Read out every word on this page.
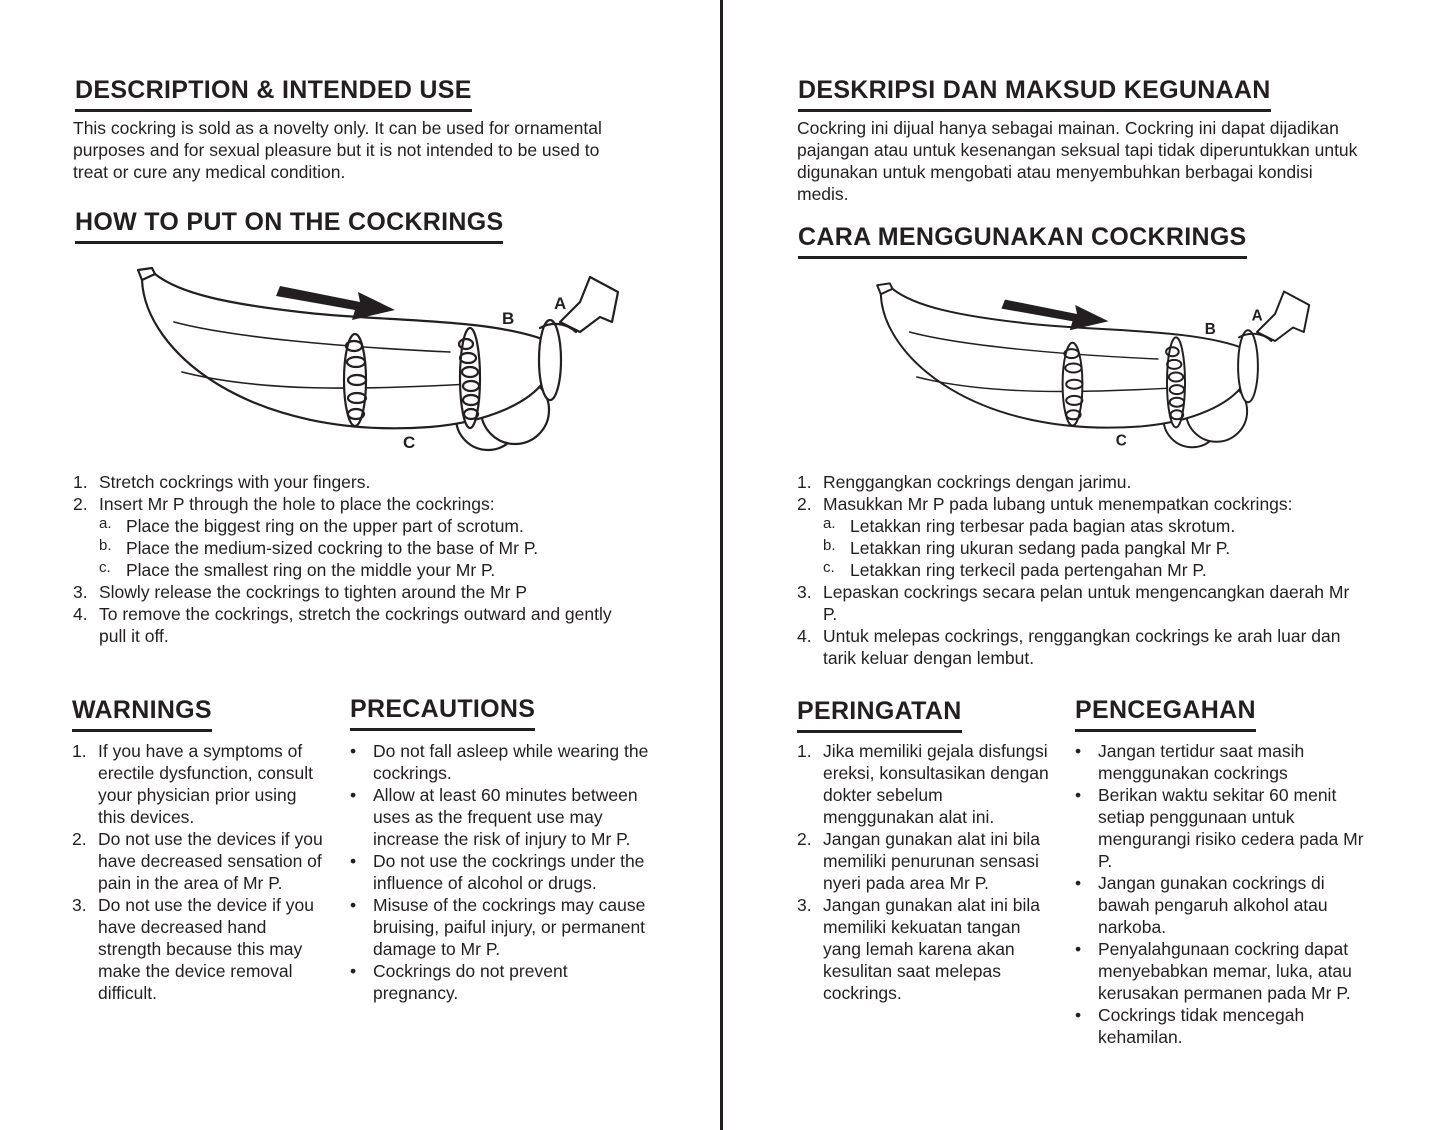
DESCRIPTION & INTENDED USE

This cockring is sold as a novelty only. It can be used for ornamental purposes and for sexual pleasure but it is not intended to be used to treat or cure any medical condition.

HOW TO PUT ON THE COCKRINGS
A
B
C
1. Stretch cockrings with your fingers.
2. Insert Mr P through the hole to place the cockrings:
a. Place the biggest ring on the upper part of scrotum.
b. Place the medium-sized cockring to the base of Mr P.
c. Place the smallest ring on the middle your Mr P.
3. Slowly release the cockrings to tighten around the Mr P
4. To remove the cockrings, stretch the cockrings outward and gently pull it off.
WARNINGS
1. If you have a symptoms of erectile dysfunction, consult your physician prior using this devices.
2. Do not use the devices if you have decreased sensation of pain in the area of Mr P.
3. Do not use the device if you have decreased hand strength because this may make the device removal difficult.
PRECAUTIONS
• Do not fall asleep while wearing the cockrings.
• Allow at least 60 minutes between uses as the frequent use may increase the risk of injury to Mr P.
• Do not use the cockrings under the influence of alcohol or drugs.
• Misuse of the cockrings may cause bruising, paiful injury, or permanent damage to Mr P.
• Cockrings do not prevent pregnancy.
DESKRIPSI DAN MAKSUD KEGUNAAN

Cockring ini dijual hanya sebagai mainan. Cockring ini dapat dijadikan pajangan atau untuk kesenangan seksual tapi tidak diperuntukkan untuk digunakan untuk mengobati atau menyembuhkan berbagai kondisi medis.

CARA MENGGUNAKAN COCKRINGS
A
B
C
1. Renggangkan cockrings dengan jarimu.
2. Masukkan Mr P pada lubang untuk menempatkan cockrings:
a. Letakkan ring terbesar pada bagian atas skrotum.
b. Letakkan ring ukuran sedang pada pangkal Mr P.
c. Letakkan ring terkecil pada pertengahan Mr P.
3. Lepaskan cockrings secara pelan untuk mengencangkan daerah Mr P.
4. Untuk melepas cockrings, renggangkan cockrings ke arah luar dan tarik keluar dengan lembut.
PERINGATAN
1. Jika memiliki gejala disfungsi ereksi, konsultasikan dengan dokter sebelum menggunakan alat ini.
2. Jangan gunakan alat ini bila memiliki penurunan sensasi nyeri pada area Mr P.
3. Jangan gunakan alat ini bila memiliki kekuatan tangan yang lemah karena akan kesulitan saat melepas cockrings.
PENCEGAHAN
• Jangan tertidur saat masih menggunakan cockrings
• Berikan waktu sekitar 60 menit setiap penggunaan untuk mengurangi risiko cedera pada Mr P.
• Jangan gunakan cockrings di bawah pengaruh alkohol atau narkoba.
• Penyalahgunaan cockring dapat menyebabkan memar, luka, atau kerusakan permanen pada Mr P.
• Cockrings tidak mencegah kehamilan.
